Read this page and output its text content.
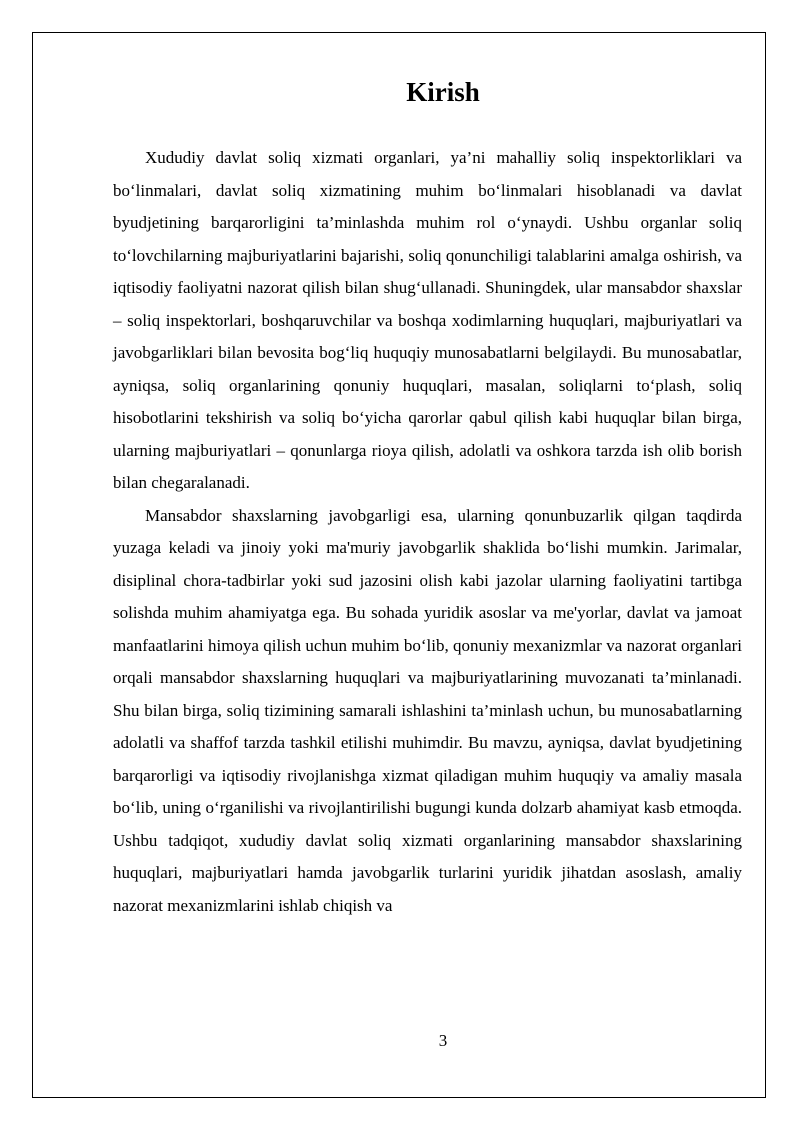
Kirish

Xududiy davlat soliq xizmati organlari, ya’ni mahalliy soliq inspektorliklari va bo‘linmalari, davlat soliq xizmatining muhim bo‘linmalari hisoblanadi va davlat byudjetining barqarorligini ta’minlashda muhim rol o‘ynaydi. Ushbu organlar soliq to‘lovchilarning majburiyatlarini bajarishi, soliq qonunchiligi talablarini amalga oshirish, va iqtisodiy faoliyatni nazorat qilish bilan shug‘ullanadi. Shuningdek, ular mansabdor shaxslar – soliq inspektorlari, boshqaruvchilar va boshqa xodimlarning huquqlari, majburiyatlari va javobgarliklari bilan bevosita bog‘liq huquqiy munosabatlarni belgilaydi. Bu munosabatlar, ayniqsa, soliq organlarining qonuniy huquqlari, masalan, soliqlarni to‘plash, soliq hisobotlarini tekshirish va soliq bo‘yicha qarorlar qabul qilish kabi huquqlar bilan birga, ularning majburiyatlari – qonunlarga rioya qilish, adolatli va oshkora tarzda ish olib borish bilan chegaralanadi.

Mansabdor shaxslarning javobgarligi esa, ularning qonunbuzarlik qilgan taqdirda yuzaga keladi va jinoiy yoki ma'muriy javobgarlik shaklida bo‘lishi mumkin. Jarimalar, disiplinal chora-tadbirlar yoki sud jazosini olish kabi jazolar ularning faoliyatini tartibga solishda muhim ahamiyatga ega. Bu sohada yuridik asoslar va me'yorlar, davlat va jamoat manfaatlarini himoya qilish uchun muhim bo‘lib, qonuniy mexanizmlar va nazorat organlari orqali mansabdor shaxslarning huquqlari va majburiyatlarining muvozanati ta’minlanadi. Shu bilan birga, soliq tizimining samarali ishlashini ta’minlash uchun, bu munosabatlarning adolatli va shaffof tarzda tashkil etilishi muhimdir. Bu mavzu, ayniqsa, davlat byudjetining barqarorligi va iqtisodiy rivojlanishga xizmat qiladigan muhim huquqiy va amaliy masala bo‘lib, uning o‘rganilishi va rivojlantirilishi bugungi kunda dolzarb ahamiyat kasb etmoqda. Ushbu tadqiqot, xududiy davlat soliq xizmati organlarining mansabdor shaxslarining huquqlari, majburiyatlari hamda javobgarlik turlarini yuridik jihatdan asoslash, amaliy nazorat mexanizmlarini ishlab chiqish va

3
